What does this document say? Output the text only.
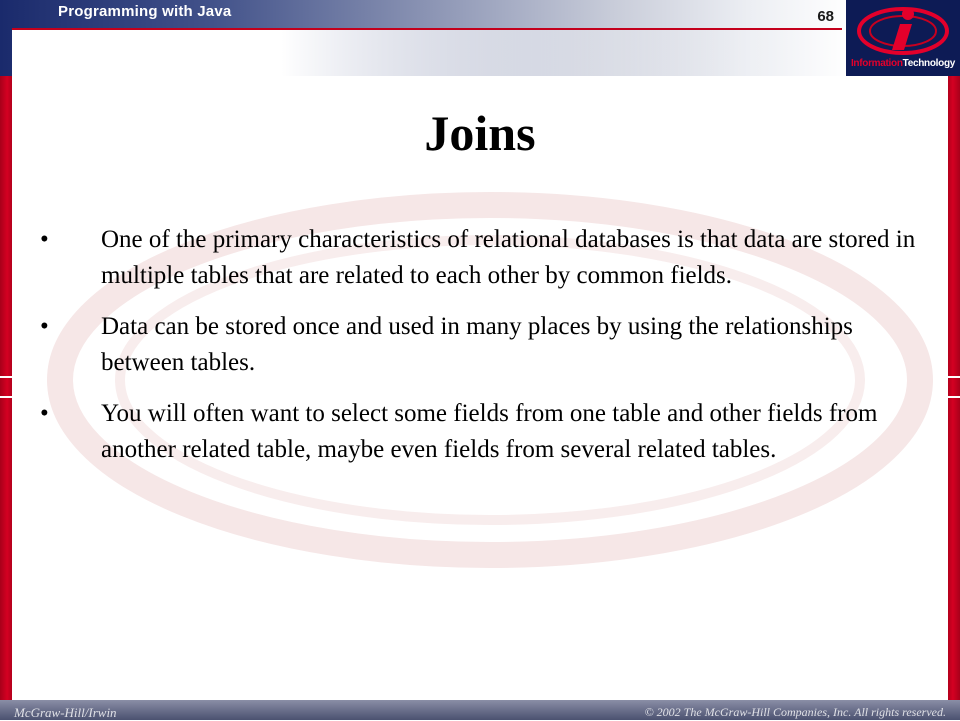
Programming with Java	68
InformationTechnology
Joins
•	One of the primary characteristics of relational databases is that data are stored in multiple tables that are related to each other by common fields.
•	Data can be stored once and used in many places by using the relationships between tables.
•	You will often want to select some fields from one table and other fields from another related table, maybe even fields from several related tables.
McGraw-Hill/Irwin	© 2002 The McGraw-Hill Companies, Inc. All rights reserved.
